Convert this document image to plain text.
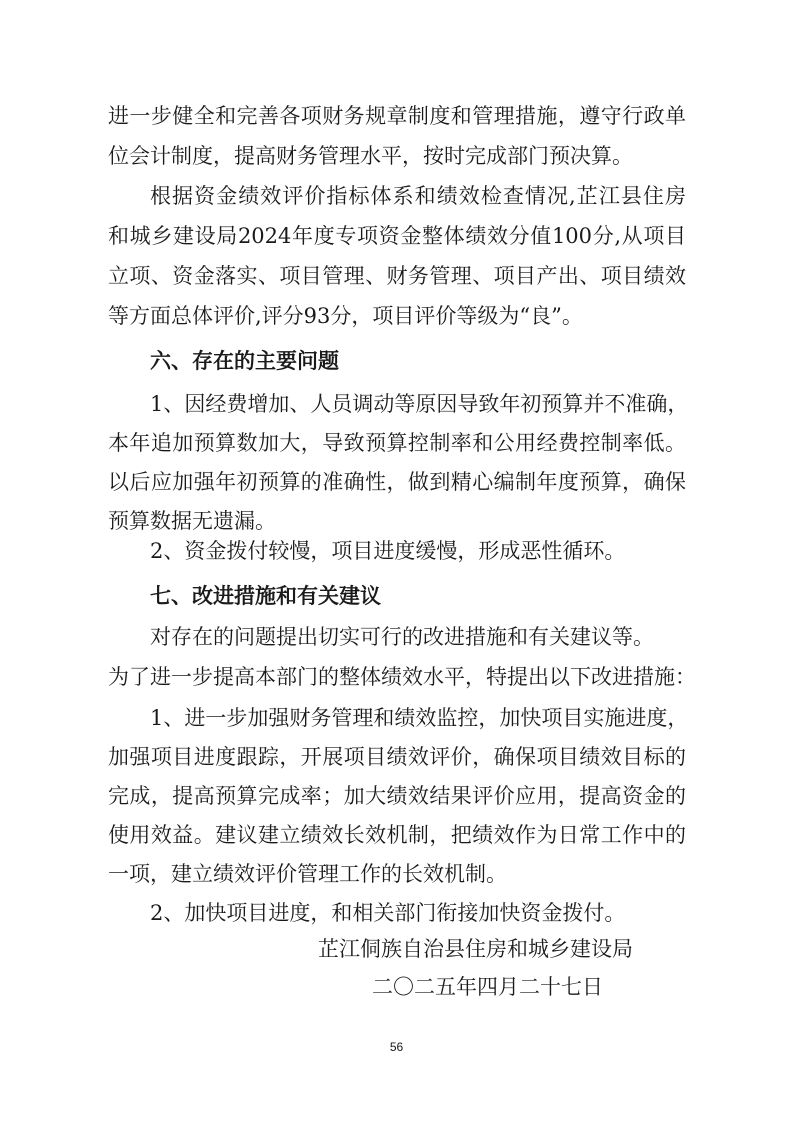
进一步健全和完善各项财务规章制度和管理措施，遵守行政单
位会计制度，提高财务管理水平，按时完成部门预决算。
根据资金绩效评价指标体系和绩效检查情况,芷江县住房
和城乡建设局2024年度专项资金整体绩效分值100分,从项目
立项、资金落实、项目管理、财务管理、项目产出、项目绩效
等方面总体评价,评分93分，项目评价等级为“良”。
六、存在的主要问题
1、因经费增加、人员调动等原因导致年初预算并不准确，
本年追加预算数加大，导致预算控制率和公用经费控制率低。
以后应加强年初预算的准确性，做到精心编制年度预算，确保
预算数据无遗漏。
2、资金拨付较慢，项目进度缓慢，形成恶性循环。
七、改进措施和有关建议
对存在的问题提出切实可行的改进措施和有关建议等。
为了进一步提高本部门的整体绩效水平，特提出以下改进措施：
1、进一步加强财务管理和绩效监控，加快项目实施进度，
加强项目进度跟踪，开展项目绩效评价，确保项目绩效目标的
完成，提高预算完成率；加大绩效结果评价应用，提高资金的
使用效益。建议建立绩效长效机制，把绩效作为日常工作中的
一项，建立绩效评价管理工作的长效机制。
2、加快项目进度，和相关部门衔接加快资金拨付。
芷江侗族自治县住房和城乡建设局
二〇二五年四月二十七日
56
